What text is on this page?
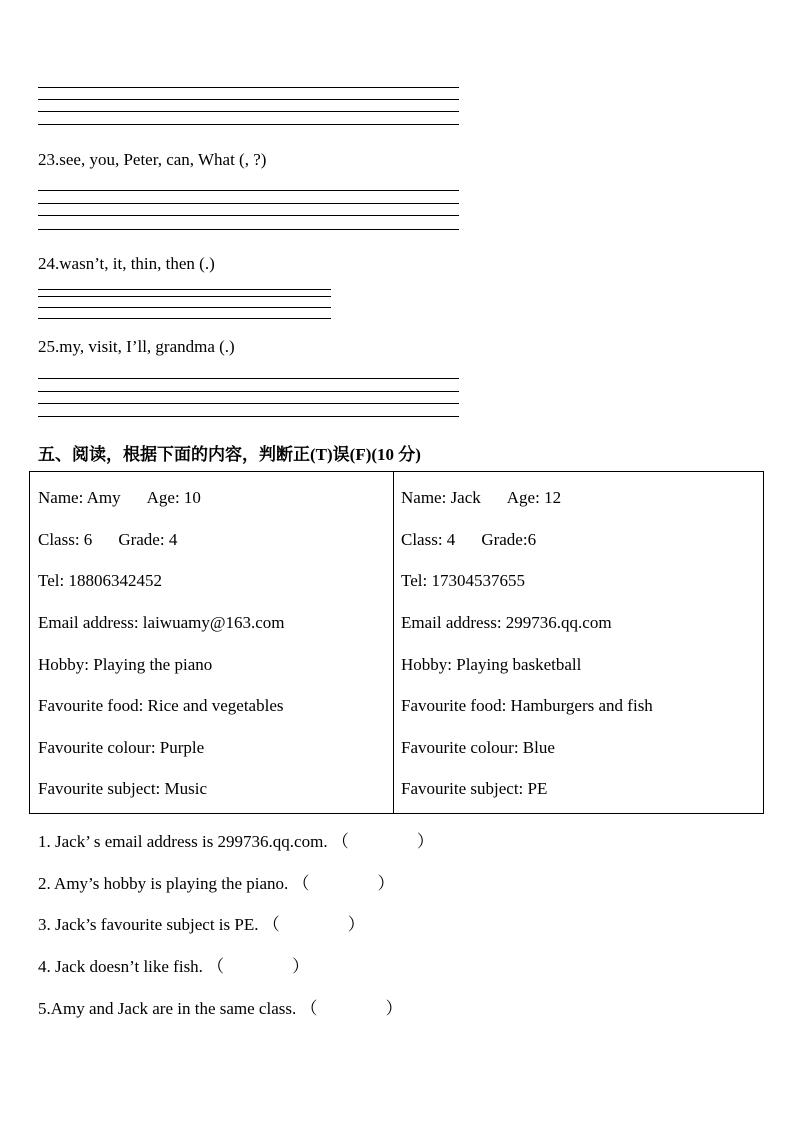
23.see, you, Peter, can, What (, ?)
24.wasn’t, it, thin, then (.)
25.my, visit, I’ll, grandma (.)
五、阅读，根据下面的内容，判断正(T)误(F)(10 分)
Name: Amy Age: 10
Class: 6 Grade: 4
Tel: 18806342452
Email address: laiwuamy@163.com
Hobby: Playing the piano
Favourite food: Rice and vegetables
Favourite colour: Purple
Favourite subject: Music
Name: Jack Age: 12
Class: 4 Grade:6
Tel: 17304537655
Email address: 299736.qq.com
Hobby: Playing basketball
Favourite food: Hamburgers and fish
Favourite colour: Blue
Favourite subject: PE
1. Jack’ s email address is 299736.qq.com. （　　　　）
2. Amy’s hobby is playing the piano. （　　　　）
3. Jack’s favourite subject is PE. （　　　　）
4. Jack doesn’t like fish. （　　　　）
5.Amy and Jack are in the same class. （　　　　）
